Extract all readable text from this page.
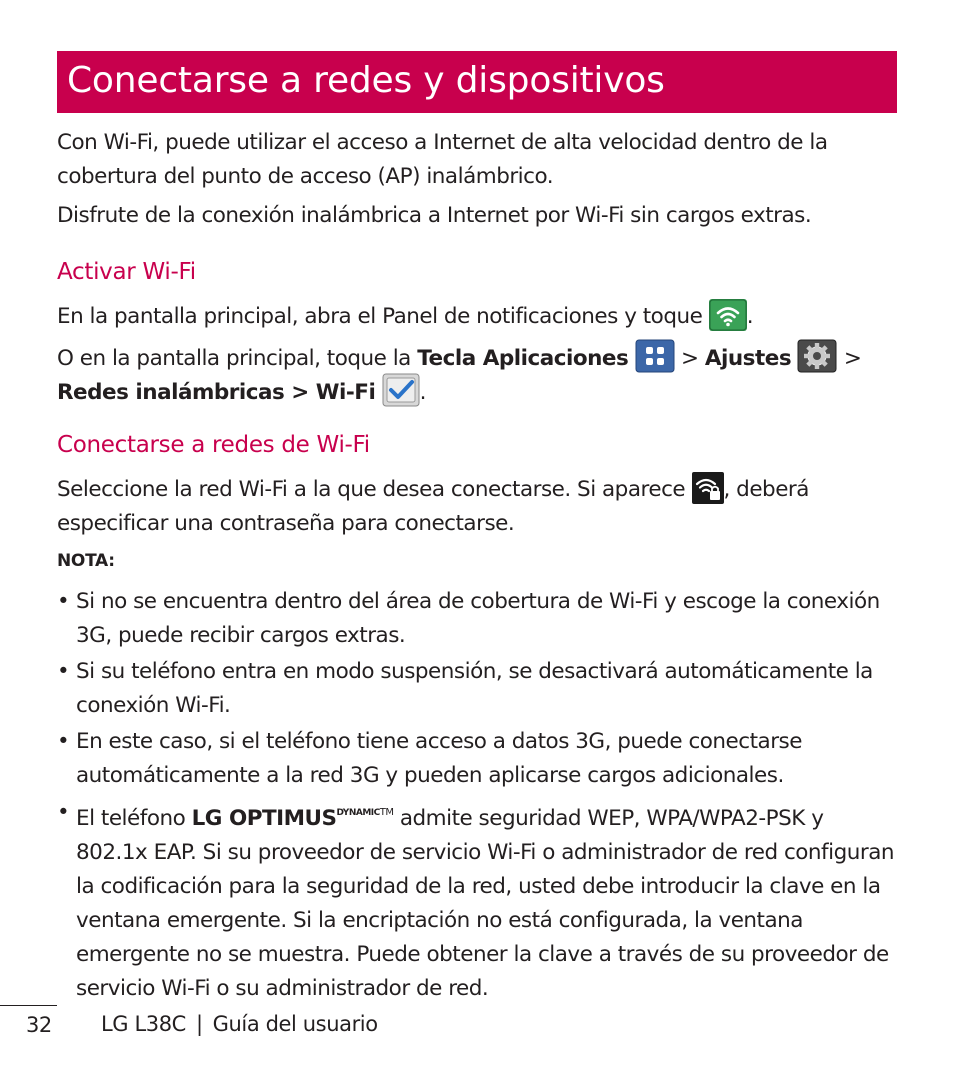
Conectarse a redes y dispositivos

Con Wi-Fi, puede utilizar el acceso a Internet de alta velocidad dentro de la cobertura del punto de acceso (AP) inalámbrico.

Disfrute de la conexión inalámbrica a Internet por Wi-Fi sin cargos extras.

Activar Wi-Fi
En la pantalla principal, abra el Panel de notificaciones y toque .
O en la pantalla principal, toque la Tecla Aplicaciones > Ajustes >
Redes inalámbricas > Wi-Fi .
Conectarse a redes de Wi-Fi
Seleccione la red Wi-Fi a la que desea conectarse. Si aparece , deberá especificar una contraseña para conectarse.
NOTA:
• Si no se encuentra dentro del área de cobertura de Wi-Fi y escoge la conexión 3G, puede recibir cargos extras.
• Si su teléfono entra en modo suspensión, se desactivará automáticamente la conexión Wi-Fi.
• En este caso, si el teléfono tiene acceso a datos 3G, puede conectarse automáticamente a la red 3G y pueden aplicarse cargos adicionales.
• El teléfono LG $OPTIMUS^{DYNAMICTM}$ admite seguridad WEP, WPA/WPA2-PSK y 802.1x EAP. Si su proveedor de servicio Wi-Fi o administrador de red configuran la codificación para la seguridad de la red, usted debe introducir la clave en la ventana emergente. Si la encriptación no está configurada, la ventana emergente no se muestra. Puede obtener la clave a través de su proveedor de servicio Wi-Fi o su administrador de red.
32 LG L38C | Guía del usuario
